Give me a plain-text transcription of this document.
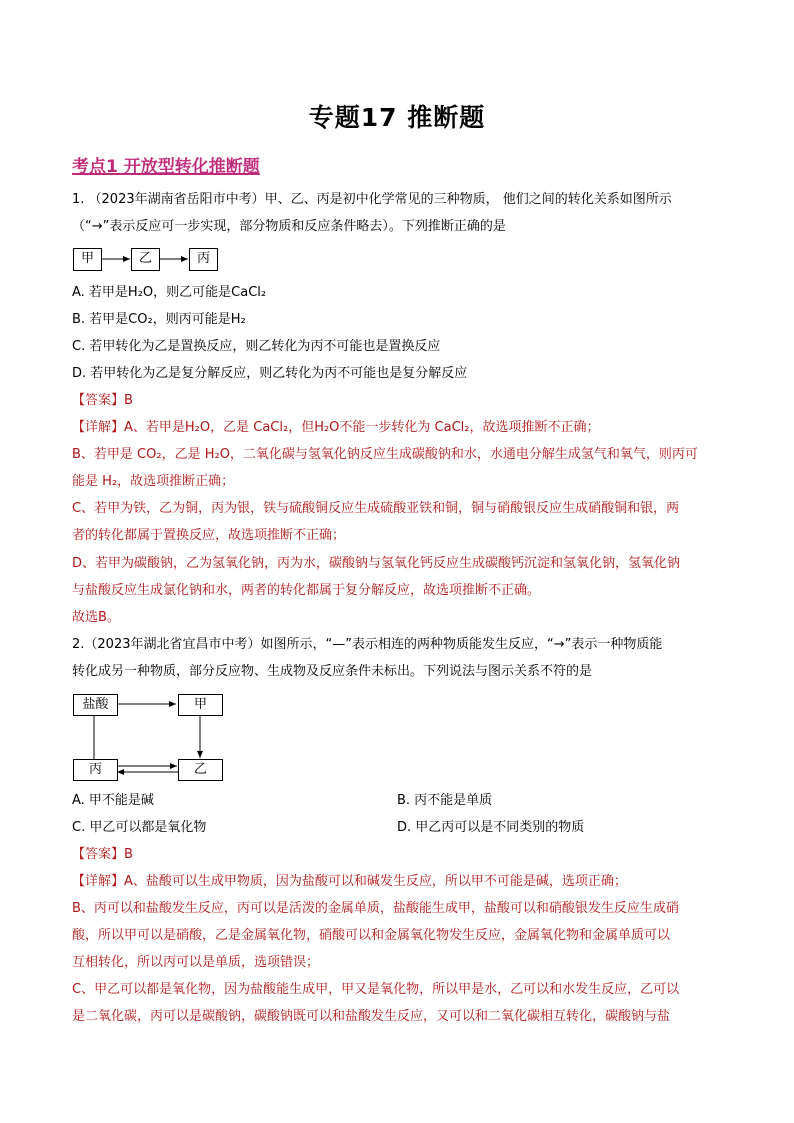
专题17 推断题
考点1 开放型转化推断题
1. （2023年湖南省岳阳市中考）甲、乙、丙是初中化学常见的三种物质， 他们之间的转化关系如图所示
（“→”表示反应可一步实现，部分物质和反应条件略去）。下列推断正确的是
甲	乙	丙
A. 若甲是H₂O，则乙可能是CaCl₂
B. 若甲是CO₂，则丙可能是H₂
C. 若甲转化为乙是置换反应，则乙转化为丙不可能也是置换反应
D. 若甲转化为乙是复分解反应，则乙转化为丙不可能也是复分解反应
【答案】B
【详解】A、若甲是H₂O，乙是 CaCl₂，但H₂O不能一步转化为 CaCl₂，故选项推断不正确；
B、若甲是 CO₂，乙是 H₂O，二氧化碳与氢氧化钠反应生成碳酸钠和水，水通电分解生成氢气和氧气，则丙可
能是 H₂，故选项推断正确；
C、若甲为铁，乙为铜，丙为银，铁与硫酸铜反应生成硫酸亚铁和铜，铜与硝酸银反应生成硝酸铜和银，两
者的转化都属于置换反应，故选项推断不正确；
D、若甲为碳酸钠，乙为氢氧化钠，丙为水，碳酸钠与氢氧化钙反应生成碳酸钙沉淀和氢氧化钠，氢氧化钠
与盐酸反应生成氯化钠和水，两者的转化都属于复分解反应，故选项推断不正确。
故选B。
2.（2023年湖北省宜昌市中考）如图所示，“—”表示相连的两种物质能发生反应，“→”表示一种物质能
转化成另一种物质，部分反应物、生成物及反应条件未标出。下列说法与图示关系不符的是
盐酸	甲
丙	乙
A. 甲不能是碱	B. 丙不能是单质
C. 甲乙可以都是氧化物	D. 甲乙丙可以是不同类别的物质
【答案】B
【详解】A、盐酸可以生成甲物质，因为盐酸可以和碱发生反应，所以甲不可能是碱，选项正确；
B、丙可以和盐酸发生反应，丙可以是活泼的金属单质，盐酸能生成甲，盐酸可以和硝酸银发生反应生成硝
酸，所以甲可以是硝酸，乙是金属氧化物，硝酸可以和金属氧化物发生反应，金属氧化物和金属单质可以
互相转化，所以丙可以是单质，选项错误；
C、甲乙可以都是氧化物，因为盐酸能生成甲，甲又是氧化物，所以甲是水，乙可以和水发生反应，乙可以
是二氧化碳，丙可以是碳酸钠，碳酸钠既可以和盐酸发生反应，又可以和二氧化碳相互转化，碳酸钠与盐
